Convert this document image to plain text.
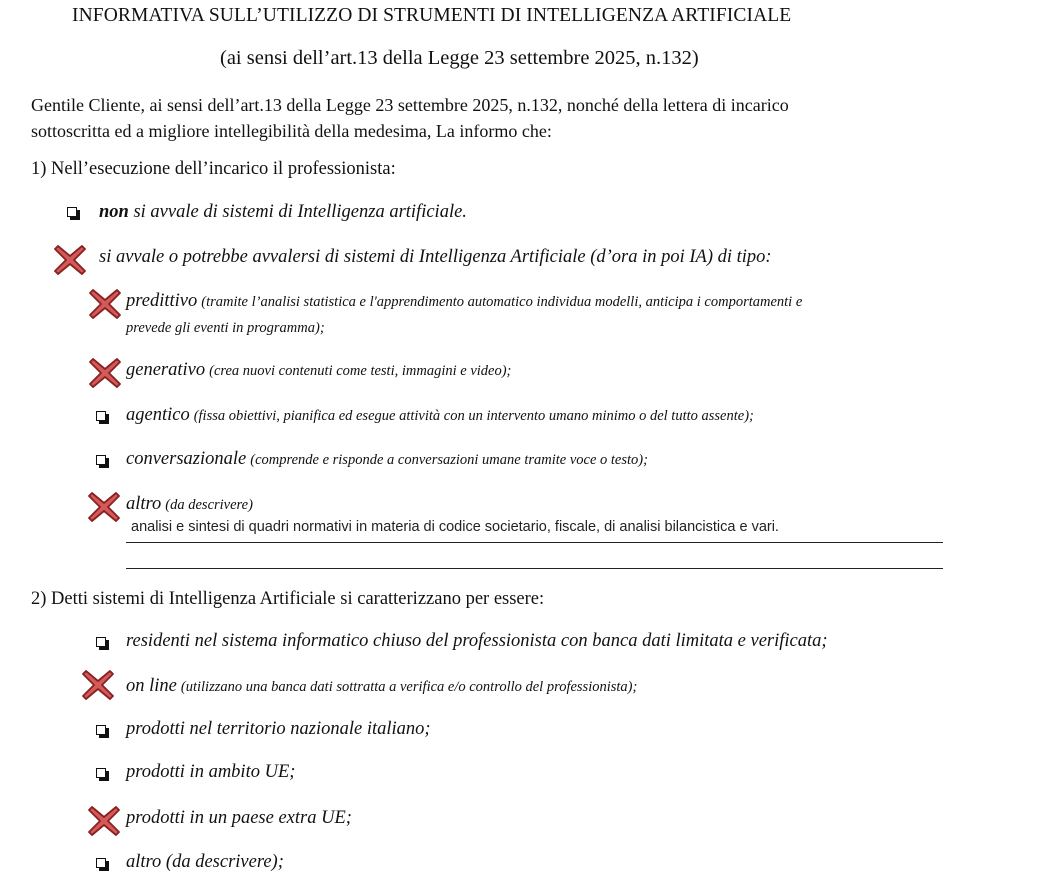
INFORMATIVA SULL’UTILIZZO DI STRUMENTI DI INTELLIGENZA ARTIFICIALE
(ai sensi dell’art.13 della Legge 23 settembre 2025, n.132)
Gentile Cliente, ai sensi dell’art.13 della Legge 23 settembre 2025, n.132, nonché della lettera di incarico
sottoscritta ed a migliore intellegibilità della medesima, La informo che:
1) Nell’esecuzione dell’incarico il professionista:
non si avvale di sistemi di Intelligenza artificiale.
si avvale o potrebbe avvalersi di sistemi di Intelligenza Artificiale (d’ora in poi IA) di tipo:
predittivo (tramite l’analisi statistica e l'apprendimento automatico individua modelli, anticipa i comportamenti e
prevede gli eventi in programma);
generativo (crea nuovi contenuti come testi, immagini e video);
agentico (fissa obiettivi, pianifica ed esegue attività con un intervento umano minimo o del tutto assente);
conversazionale (comprende e risponde a conversazioni umane tramite voce o testo);
altro (da descrivere)
analisi e sintesi di quadri normativi in materia di codice societario, fiscale, di analisi bilancistica e vari.
2) Detti sistemi di Intelligenza Artificiale si caratterizzano per essere:
residenti nel sistema informatico chiuso del professionista con banca dati limitata e verificata;
on line (utilizzano una banca dati sottratta a verifica e/o controllo del professionista);
prodotti nel territorio nazionale italiano;
prodotti in ambito UE;
prodotti in un paese extra UE;
altro (da descrivere);
